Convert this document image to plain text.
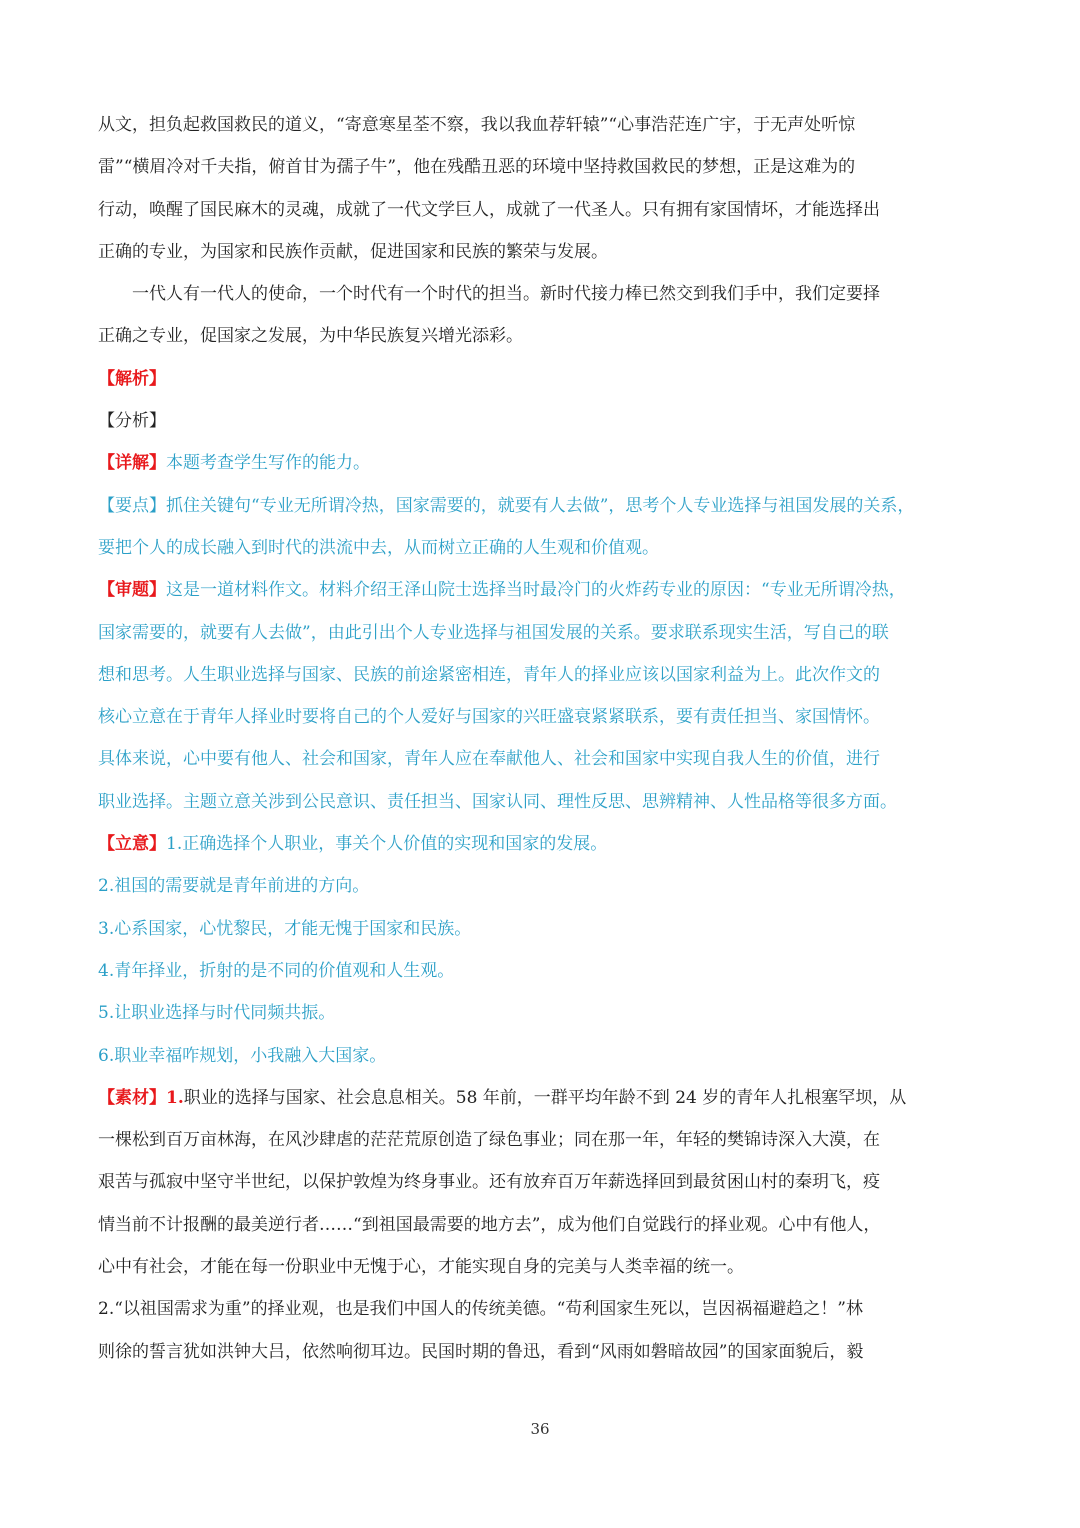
从文，担负起救国救民的道义，“寄意寒星荃不察，我以我血荐轩辕”“心事浩茫连广宇，于无声处听惊

雷”“横眉冷对千夫指，俯首甘为孺子牛”，他在残酷丑恶的环境中坚持救国救民的梦想，正是这难为的

行动，唤醒了国民麻木的灵魂，成就了一代文学巨人，成就了一代圣人。只有拥有家国情坏，才能选择出

正确的专业，为国家和民族作贡献，促进国家和民族的繁荣与发展。

一代人有一代人的使命，一个时代有一个时代的担当。新时代接力棒已然交到我们手中，我们定要择

正确之专业，促国家之发展，为中华民族复兴增光添彩。

【解析】

【分析】

【详解】本题考查学生写作的能力。

【要点】抓住关键句“专业无所谓冷热，国家需要的，就要有人去做”，思考个人专业选择与祖国发展的关系，

要把个人的成长融入到时代的洪流中去，从而树立正确的人生观和价值观。

【审题】这是一道材料作文。材料介绍王泽山院士选择当时最冷门的火炸药专业的原因：“专业无所谓冷热，

国家需要的，就要有人去做”，由此引出个人专业选择与祖国发展的关系。要求联系现实生活，写自己的联

想和思考。人生职业选择与国家、民族的前途紧密相连，青年人的择业应该以国家利益为上。此次作文的

核心立意在于青年人择业时要将自己的个人爱好与国家的兴旺盛衰紧紧联系，要有责任担当、家国情怀。

具体来说，心中要有他人、社会和国家，青年人应在奉献他人、社会和国家中实现自我人生的价值，进行

职业选择。主题立意关涉到公民意识、责任担当、国家认同、理性反思、思辨精神、人性品格等很多方面。

【立意】1.正确选择个人职业，事关个人价值的实现和国家的发展。

2.祖国的需要就是青年前进的方向。

3.心系国家，心忧黎民，才能无愧于国家和民族。

4.青年择业，折射的是不同的价值观和人生观。

5.让职业选择与时代同频共振。

6.职业幸福咋规划，小我融入大国家。

【素材】1.职业的选择与国家、社会息息相关。58 年前，一群平均年龄不到 24 岁的青年人扎根塞罕坝，从

一棵松到百万亩林海，在风沙肆虐的茫茫荒原创造了绿色事业；同在那一年，年轻的樊锦诗深入大漠，在

艰苦与孤寂中坚守半世纪，以保护敦煌为终身事业。还有放弃百万年薪选择回到最贫困山村的秦玥飞，疫

情当前不计报酬的最美逆行者……“到祖国最需要的地方去”，成为他们自觉践行的择业观。心中有他人，

心中有社会，才能在每一份职业中无愧于心，才能实现自身的完美与人类幸福的统一。

2.“以祖国需求为重”的择业观，也是我们中国人的传统美德。“苟利国家生死以，岂因祸福避趋之！”林

则徐的誓言犹如洪钟大吕，依然响彻耳边。民国时期的鲁迅，看到“风雨如磐暗故园”的国家面貌后，毅

36
